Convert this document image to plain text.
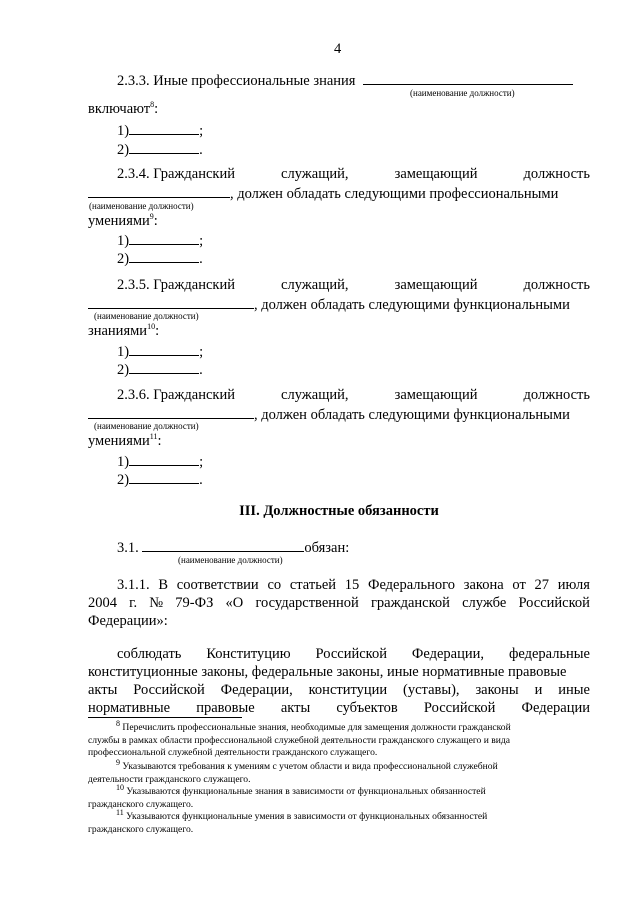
4
2.3.3. Иные профессиональные знания
(наименование должности)
включают$^8$:
1)	;
2)	.
2.3.4. Гражданский	служащий,	замещающий	должность
, должен обладать следующими профессиональными
(наименование должности)
умениями$^9$:
1)	;
2)	.
2.3.5. Гражданский	служащий,	замещающий	должность
, должен обладать следующими функциональными
(наименование должности)
знаниями$^{10}$:
1)	;
2)	.
2.3.6. Гражданский	служащий,	замещающий	должность
, должен обладать следующими функциональными
(наименование должности)
умениями$^{11}$:
1)	;
2)	.
III. Должностные обязанности
3.1.	обязан:
(наименование должности)
3.1.1. В соответствии со статьей 15 Федерального закона от 27 июля
2004 г. № 79-ФЗ «О государственной гражданской службе Российской
Федерации»:
соблюдать Конституцию Российской Федерации, федеральные
конституционные законы, федеральные законы, иные нормативные правовые
акты Российской Федерации, конституции (уставы), законы и иные
нормативные правовые акты субъектов Российской Федерации
$^8$ Перечислить профессиональные знания, необходимые для замещения должности гражданской
службы в рамках области профессиональной служебной деятельности гражданского служащего и вида
профессиональной служебной деятельности гражданского служащего.
$^9$ Указываются требования к умениям с учетом области и вида профессиональной служебной
деятельности гражданского служащего.
$^{10}$ Указываются функциональные знания в зависимости от функциональных обязанностей
гражданского служащего.
$^{11}$ Указываются функциональные умения в зависимости от функциональных обязанностей
гражданского служащего.
